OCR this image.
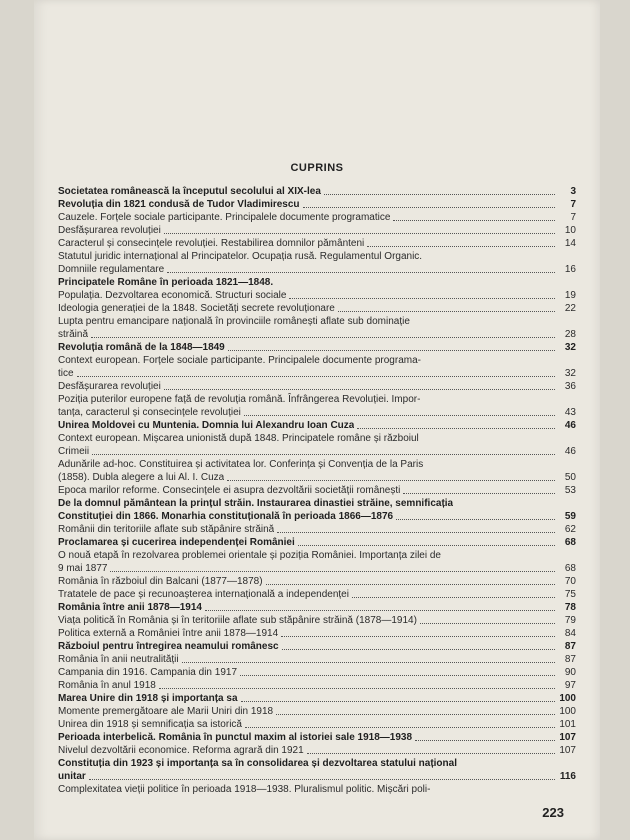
CUPRINS
Societatea românească la începutul secolului al XIX-lea	3
Revoluția din 1821 condusă de Tudor Vladimirescu	7
Cauzele. Forțele sociale participante. Principalele documente programatice	7
Desfășurarea revoluției	10
Caracterul și consecințele revoluției. Restabilirea domnilor pământeni	14
Statutul juridic internațional al Principatelor. Ocupația rusă. Regulamentul Organic.
Domniile regulamentare	16
Principatele Române în perioada 1821—1848.
Populația. Dezvoltarea economică. Structuri sociale	19
Ideologia generației de la 1848. Societăți secrete revoluționare	22
Lupta pentru emancipare națională în provinciile românești aflate sub dominație
străină	28
Revoluția română de la 1848—1849	32
Context european. Forțele sociale participante. Principalele documente programa-
tice	32
Desfășurarea revoluției	36
Poziția puterilor europene față de revoluția română. Înfrângerea Revoluției. Impor-
tanța, caracterul și consecințele revoluției	43
Unirea Moldovei cu Muntenia. Domnia lui Alexandru Ioan Cuza	46
Context european. Mișcarea unionistă după 1848. Principatele române și războiul
Crimeii	46
Adunările ad-hoc. Constituirea și activitatea lor. Conferința și Convenția de la Paris
(1858). Dubla alegere a lui Al. I. Cuza	50
Epoca marilor reforme. Consecințele ei asupra dezvoltării societății românești	53
De la domnul pământean la prințul străin. Instaurarea dinastiei străine, semnificația
Constituției din 1866. Monarhia constituțională în perioada 1866—1876	59
Românii din teritoriile aflate sub stăpânire străină	62
Proclamarea și cucerirea independenței României	68
O nouă etapă în rezolvarea problemei orientale și poziția României. Importanța zilei de
9 mai 1877	68
România în războiul din Balcani (1877—1878)	70
Tratatele de pace și recunoașterea internațională a independenței	75
România între anii 1878—1914	78
Viața politică în România și în teritoriile aflate sub stăpânire străină (1878—1914)	79
Politica externă a României între anii 1878—1914	84
Războiul pentru întregirea neamului românesc	87
România în anii neutralității	87
Campania din 1916. Campania din 1917	90
România în anul 1918	97
Marea Unire din 1918 și importanța sa	100
Momente premergătoare ale Marii Uniri din 1918	100
Unirea din 1918 și semnificația sa istorică	101
Perioada interbelică. România în punctul maxim al istoriei sale 1918—1938	107
Nivelul dezvoltării economice. Reforma agrară din 1921	107
Constituția din 1923 și importanța sa în consolidarea și dezvoltarea statului național
unitar	116
Complexitatea vieții politice în perioada 1918—1938. Pluralismul politic. Mișcări poli-
223
